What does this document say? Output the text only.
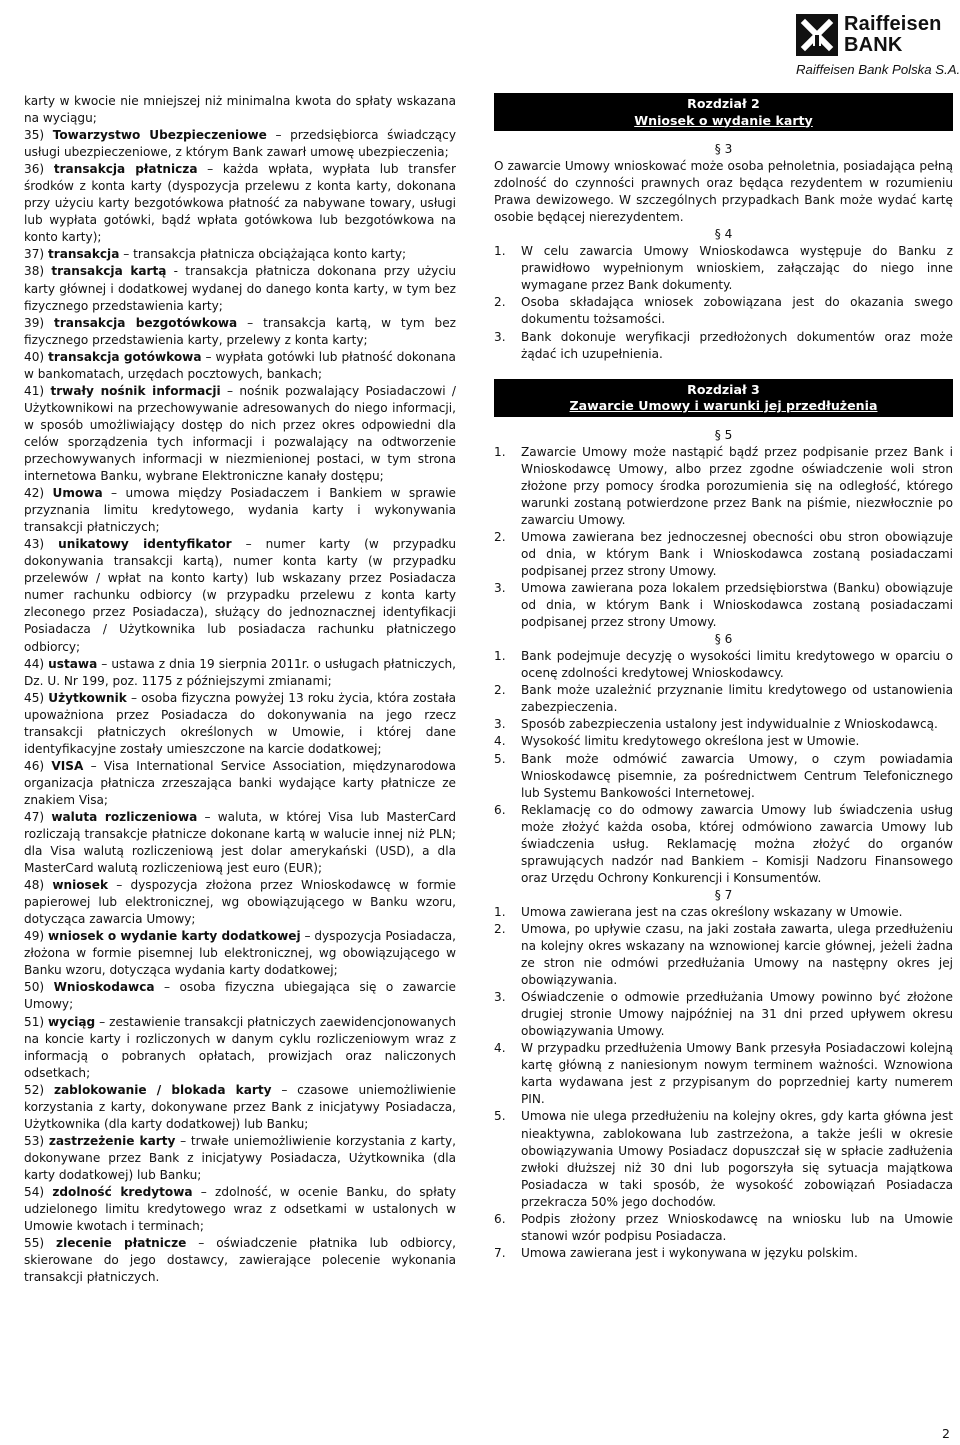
Raiffeisen
BANK
Raiffeisen Bank Polska S.A.

karty w kwocie nie mniejszej niż minimalna kwota do spłaty wskazana na wyciągu;

35) Towarzystwo Ubezpieczeniowe – przedsiębiorca świadczący usługi ubezpieczeniowe, z którym Bank zawarł umowę ubezpieczenia;

36) transakcja płatnicza – każda wpłata, wypłata lub transfer środków z konta karty (dyspozycja przelewu z konta karty, dokonana przy użyciu karty bezgotówkowa płatność za nabywane towary, usługi lub wypłata gotówki, bądź wpłata gotówkowa lub bezgotówkowa na konto karty);

37) transakcja – transakcja płatnicza obciążająca konto karty;

38) transakcja kartą - transakcja płatnicza dokonana przy użyciu karty głównej i dodatkowej wydanej do danego konta karty, w tym bez fizycznego przedstawienia karty;

39) transakcja bezgotówkowa – transakcja kartą, w tym bez fizycznego przedstawienia karty, przelewy z konta karty;

40) transakcja gotówkowa – wypłata gotówki lub płatność dokonana w bankomatach, urzędach pocztowych, bankach;

41) trwały nośnik informacji – nośnik pozwalający Posiadaczowi / Użytkownikowi na przechowywanie adresowanych do niego informacji, w sposób umożliwiający dostęp do nich przez okres odpowiedni dla celów sporządzenia tych informacji i pozwalający na odtworzenie przechowywanych informacji w niezmienionej postaci, w tym strona internetowa Banku, wybrane Elektroniczne kanały dostępu;

42) Umowa – umowa między Posiadaczem i Bankiem w sprawie przyznania limitu kredytowego, wydania karty i wykonywania transakcji płatniczych;

43) unikatowy identyfikator – numer karty (w przypadku dokonywania transakcji kartą), numer konta karty (w przypadku przelewów / wpłat na konto karty) lub wskazany przez Posiadacza numer rachunku odbiorcy (w przypadku przelewu z konta karty zleconego przez Posiadacza), służący do jednoznacznej identyfikacji Posiadacza / Użytkownika lub posiadacza rachunku płatniczego odbiorcy;

44) ustawa – ustawa z dnia 19 sierpnia 2011r. o usługach płatniczych, Dz. U. Nr 199, poz. 1175 z późniejszymi zmianami;

45) Użytkownik – osoba fizyczna powyżej 13 roku życia, która została upoważniona przez Posiadacza do dokonywania na jego rzecz transakcji płatniczych określonych w Umowie, i której dane identyfikacyjne zostały umieszczone na karcie dodatkowej;

46) VISA – Visa International Service Association, międzynarodowa organizacja płatnicza zrzeszająca banki wydające karty płatnicze ze znakiem Visa;

47) waluta rozliczeniowa – waluta, w której Visa lub MasterCard rozliczają transakcje płatnicze dokonane kartą w walucie innej niż PLN; dla Visa walutą rozliczeniową jest dolar amerykański (USD), a dla MasterCard walutą rozliczeniową jest euro (EUR);

48) wniosek – dyspozycja złożona przez Wnioskodawcę w formie papierowej lub elektronicznej, wg obowiązującego w Banku wzoru, dotycząca zawarcia Umowy;

49) wniosek o wydanie karty dodatkowej – dyspozycja Posiadacza, złożona w formie pisemnej lub elektronicznej, wg obowiązującego w Banku wzoru, dotycząca wydania karty dodatkowej;

50) Wnioskodawca – osoba fizyczna ubiegająca się o zawarcie Umowy;

51) wyciąg – zestawienie transakcji płatniczych zaewidencjonowanych na koncie karty i rozliczonych w danym cyklu rozliczeniowym wraz z informacją o pobranych opłatach, prowizjach oraz naliczonych odsetkach;

52) zablokowanie / blokada karty – czasowe uniemożliwienie korzystania z karty, dokonywane przez Bank z inicjatywy Posiadacza, Użytkownika (dla karty dodatkowej) lub Banku;

53) zastrzeżenie karty – trwałe uniemożliwienie korzystania z karty, dokonywane przez Bank z inicjatywy Posiadacza, Użytkownika (dla karty dodatkowej) lub Banku;

54) zdolność kredytowa – zdolność, w ocenie Banku, do spłaty udzielonego limitu kredytowego wraz z odsetkami w ustalonych w Umowie kwotach i terminach;

55) zlecenie płatnicze – oświadczenie płatnika lub odbiorcy, skierowane do jego dostawcy, zawierające polecenie wykonania transakcji płatniczych.

Rozdział 2
Wniosek o wydanie karty
§ 3
O zawarcie Umowy wnioskować może osoba pełnoletnia, posiadająca pełną zdolność do czynności prawnych oraz będąca rezydentem w rozumieniu Prawa dewizowego. W szczególnych przypadkach Bank może wydać kartę osobie będącej nierezydentem.
§ 4
1.	W celu zawarcia Umowy Wnioskodawca występuje do Banku z prawidłowo wypełnionym wnioskiem, załączając do niego inne wymagane przez Bank dokumenty.
2.	Osoba składająca wniosek zobowiązana jest do okazania swego dokumentu tożsamości.
3.	Bank dokonuje weryfikacji przedłożonych dokumentów oraz może żądać ich uzupełnienia.
Rozdział 3
Zawarcie Umowy i warunki jej przedłużenia
§ 5
1.	Zawarcie Umowy może nastąpić bądź przez podpisanie przez Bank i Wnioskodawcę Umowy, albo przez zgodne oświadczenie woli stron złożone przy pomocy środka porozumienia się na odległość, którego warunki zostaną potwierdzone przez Bank na piśmie, niezwłocznie po zawarciu Umowy.
2.	Umowa zawierana bez jednoczesnej obecności obu stron obowiązuje od dnia, w którym Bank i Wnioskodawca zostaną posiadaczami podpisanej przez strony Umowy.
3.	Umowa zawierana poza lokalem przedsiębiorstwa (Banku) obowiązuje od dnia, w którym Bank i Wnioskodawca zostaną posiadaczami podpisanej przez strony Umowy.
§ 6
1.	Bank podejmuje decyzję o wysokości limitu kredytowego w oparciu o ocenę zdolności kredytowej Wnioskodawcy.
2.	Bank może uzależnić przyznanie limitu kredytowego od ustanowienia zabezpieczenia.
3.	Sposób zabezpieczenia ustalony jest indywidualnie z Wnioskodawcą.
4.	Wysokość limitu kredytowego określona jest w Umowie.
5.	Bank może odmówić zawarcia Umowy, o czym powiadamia Wnioskodawcę pisemnie, za pośrednictwem Centrum Telefonicznego lub Systemu Bankowości Internetowej.
6.	Reklamację co do odmowy zawarcia Umowy lub świadczenia usług może złożyć każda osoba, której odmówiono zawarcia Umowy lub świadczenia usług. Reklamację można złożyć do organów sprawujących nadzór nad Bankiem – Komisji Nadzoru Finansowego oraz Urzędu Ochrony Konkurencji i Konsumentów.
§ 7
1.	Umowa zawierana jest na czas określony wskazany w Umowie.
2.	Umowa, po upływie czasu, na jaki została zawarta, ulega przedłużeniu na kolejny okres wskazany na wznowionej karcie głównej, jeżeli żadna ze stron nie odmówi przedłużania Umowy na następny okres jej obowiązywania.
3.	Oświadczenie o odmowie przedłużania Umowy powinno być złożone drugiej stronie Umowy najpóźniej na 31 dni przed upływem okresu obowiązywania Umowy.
4.	W przypadku przedłużenia Umowy Bank przesyła Posiadaczowi kolejną kartę główną z naniesionym nowym terminem ważności. Wznowiona karta wydawana jest z przypisanym do poprzedniej karty numerem PIN.
5.	Umowa nie ulega przedłużeniu na kolejny okres, gdy karta główna jest nieaktywna, zablokowana lub zastrzeżona, a także jeśli w okresie obowiązywania Umowy Posiadacz dopuszczał się w spłacie zadłużenia zwłoki dłuższej niż 30 dni lub pogorszyła się sytuacja majątkowa Posiadacza w taki sposób, że wysokość zobowiązań Posiadacza przekracza 50% jego dochodów.
6.	Podpis złożony przez Wnioskodawcę na wniosku lub na Umowie stanowi wzór podpisu Posiadacza.
7.	Umowa zawierana jest i wykonywana w języku polskim.
2
